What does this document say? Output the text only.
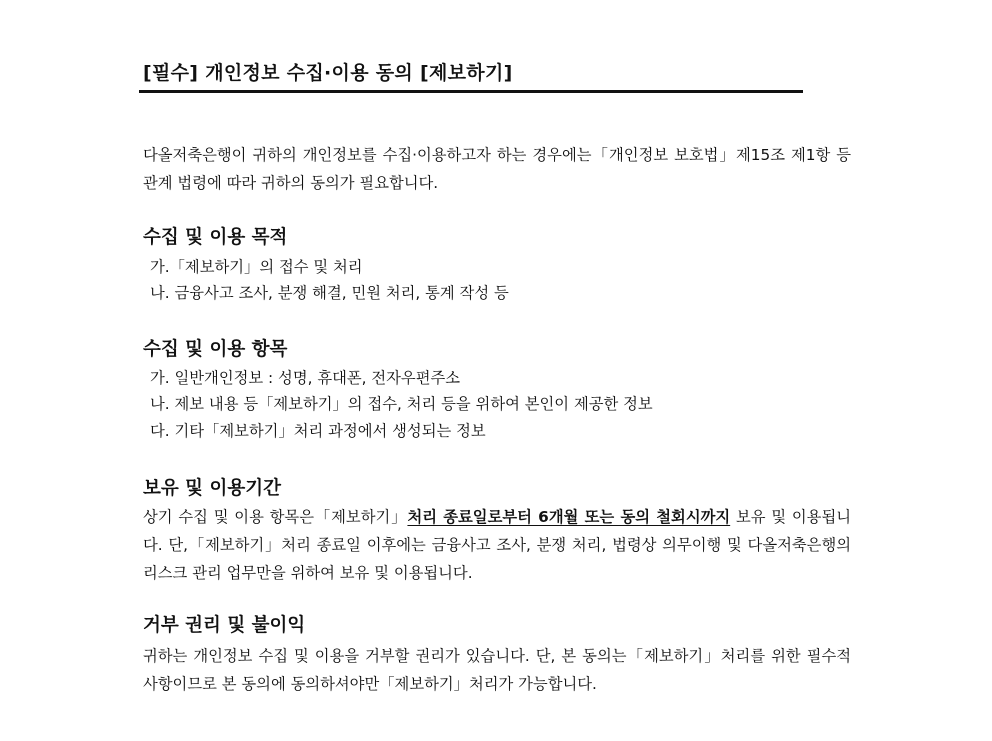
[필수] 개인정보 수집·이용 동의 [제보하기]

다올저축은행이 귀하의 개인정보를 수집·이용하고자 하는 경우에는「개인정보 보호법」제15조 제1항 등 관계 법령에 따라 귀하의 동의가 필요합니다.

수집 및 이용 목적
가.「제보하기」의 접수 및 처리
나. 금융사고 조사, 분쟁 해결, 민원 처리, 통계 작성 등
수집 및 이용 항목
가. 일반개인정보 : 성명, 휴대폰, 전자우편주소
나. 제보 내용 등「제보하기」의 접수, 처리 등을 위하여 본인이 제공한 정보
다. 기타「제보하기」처리 과정에서 생성되는 정보
보유 및 이용기간

상기 수집 및 이용 항목은「제보하기」처리 종료일로부터 6개월 또는 동의 철회시까지 보유 및 이용됩니다. 단,「제보하기」처리 종료일 이후에는 금융사고 조사, 분쟁 처리, 법령상 의무이행 및 다올저축은행의 리스크 관리 업무만을 위하여 보유 및 이용됩니다.

거부 권리 및 불이익

귀하는 개인정보 수집 및 이용을 거부할 권리가 있습니다. 단, 본 동의는「제보하기」처리를 위한 필수적 사항이므로 본 동의에 동의하셔야만「제보하기」처리가 가능합니다.
